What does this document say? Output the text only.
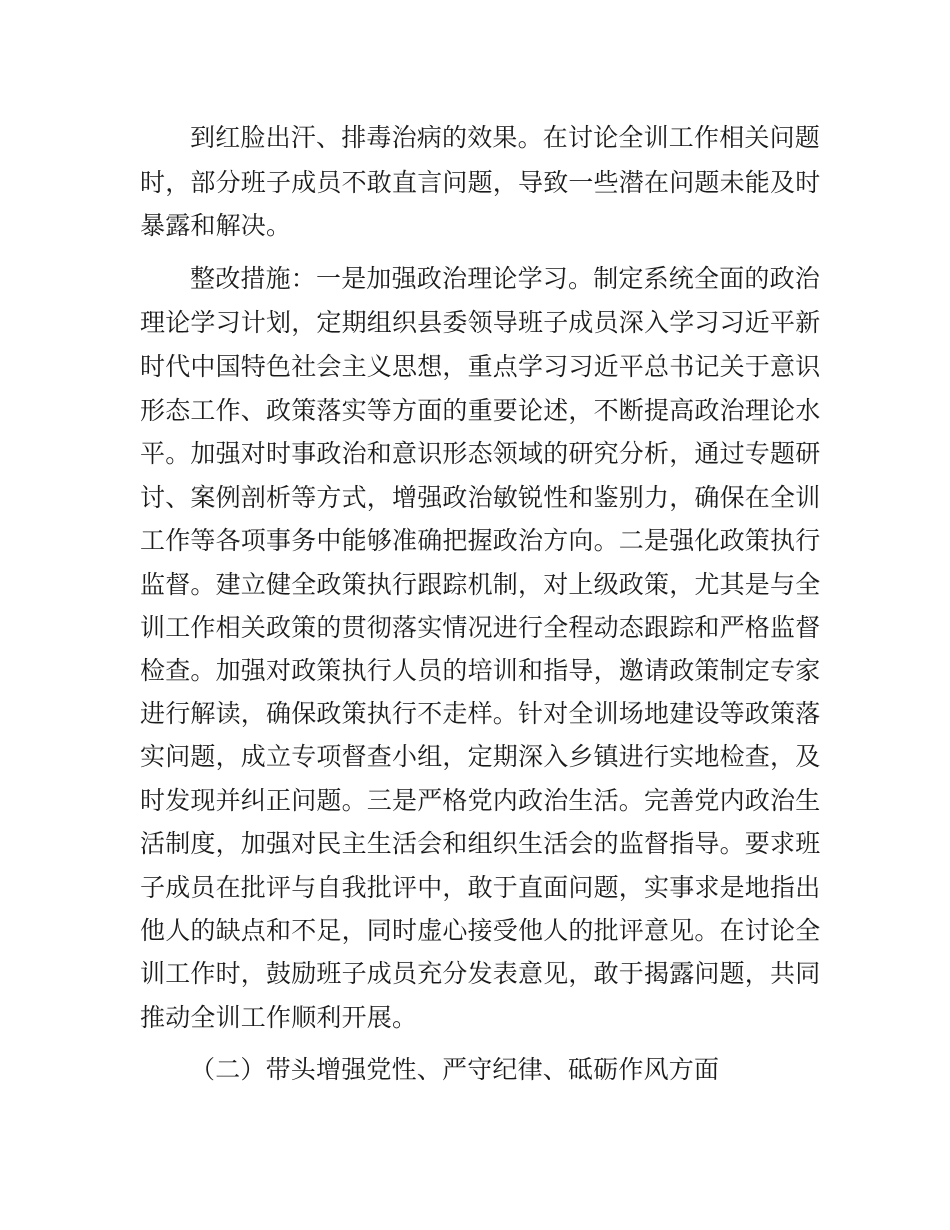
到红脸出汗、排毒治病的效果。在讨论全训工作相关问题
时，部分班子成员不敢直言问题，导致一些潜在问题未能及时
暴露和解决。
整改措施：一是加强政治理论学习。制定系统全面的政治
理论学习计划，定期组织县委领导班子成员深入学习习近平新
时代中国特色社会主义思想，重点学习习近平总书记关于意识
形态工作、政策落实等方面的重要论述，不断提高政治理论水
平。加强对时事政治和意识形态领域的研究分析，通过专题研
讨、案例剖析等方式，增强政治敏锐性和鉴别力，确保在全训
工作等各项事务中能够准确把握政治方向。二是强化政策执行
监督。建立健全政策执行跟踪机制，对上级政策，尤其是与全
训工作相关政策的贯彻落实情况进行全程动态跟踪和严格监督
检查。加强对政策执行人员的培训和指导，邀请政策制定专家
进行解读，确保政策执行不走样。针对全训场地建设等政策落
实问题，成立专项督查小组，定期深入乡镇进行实地检查，及
时发现并纠正问题。三是严格党内政治生活。完善党内政治生
活制度，加强对民主生活会和组织生活会的监督指导。要求班
子成员在批评与自我批评中，敢于直面问题，实事求是地指出
他人的缺点和不足，同时虚心接受他人的批评意见。在讨论全
训工作时，鼓励班子成员充分发表意见，敢于揭露问题，共同
推动全训工作顺利开展。
（二）带头增强党性、严守纪律、砥砺作风方面
